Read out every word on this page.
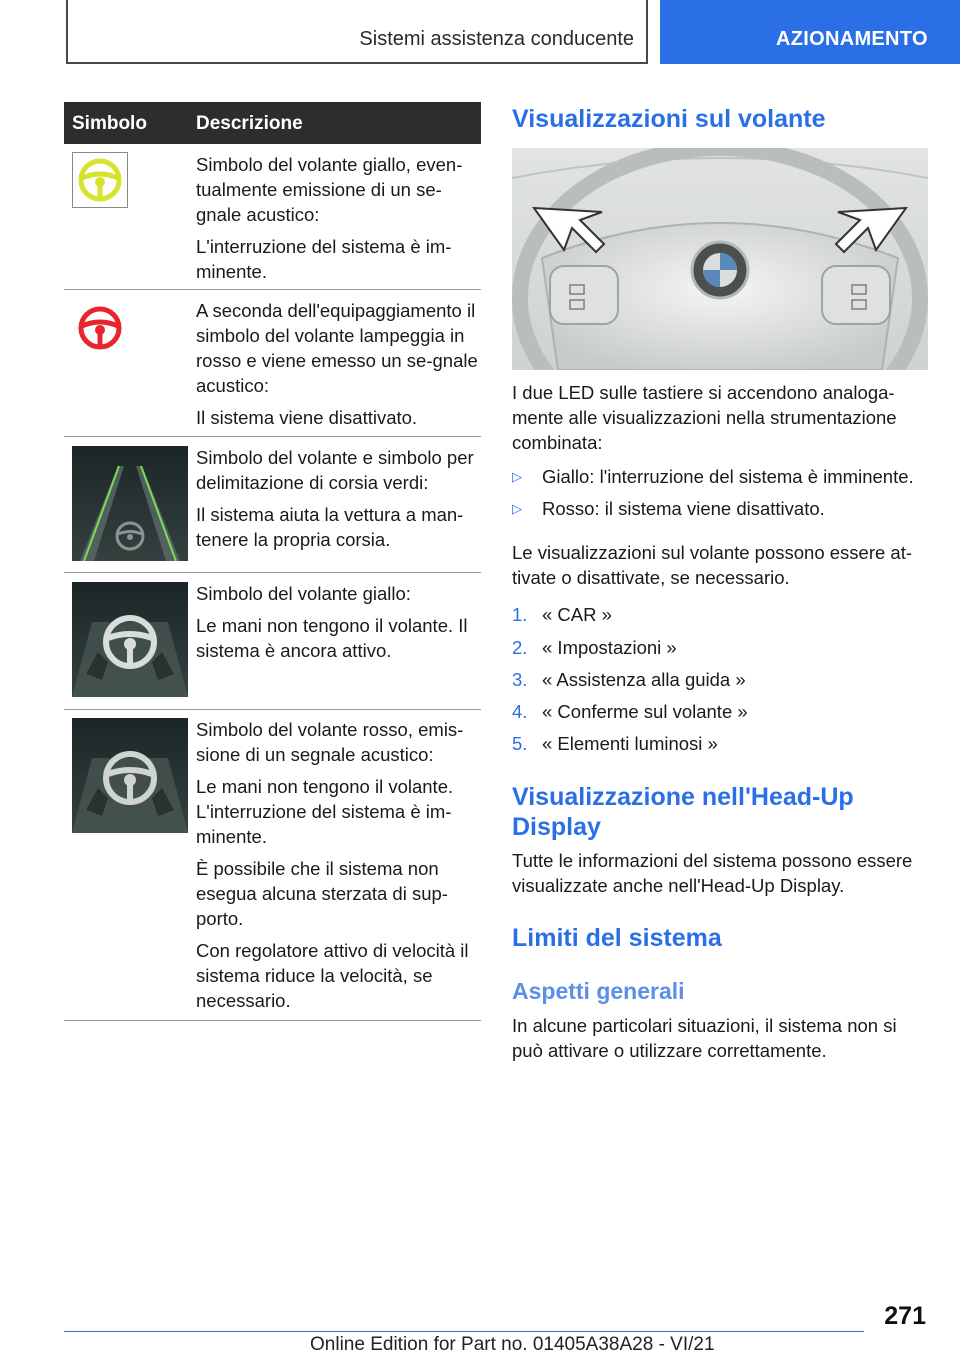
Sistemi assistenza conducente	AZIONAMENTO
Simbolo	Descrizione

Simbolo del volante giallo, even-tualmente emissione di un se-gnale acustico:

L'interruzione del sistema è im-minente.

A seconda dell'equipaggiamento il simbolo del volante lampeggia in rosso e viene emesso un se-gnale acustico:

Il sistema viene disattivato.

Simbolo del volante e simbolo per delimitazione di corsia verdi:

Il sistema aiuta la vettura a man-tenere la propria corsia.

Simbolo del volante giallo:

Le mani non tengono il volante. Il sistema è ancora attivo.

Simbolo del volante rosso, emis-sione di un segnale acustico:

Le mani non tengono il volante. L'interruzione del sistema è im-minente.

È possibile che il sistema non esegua alcuna sterzata di sup-porto.

Con regolatore attivo di velocità il sistema riduce la velocità, se necessario.

Visualizzazioni sul volante
I due LED sulle tastiere si accendono analoga-mente alle visualizzazioni nella strumentazione combinata:
▷ Giallo: l'interruzione del sistema è imminente.
▷ Rosso: il sistema viene disattivato.
Le visualizzazioni sul volante possono essere at-tivate o disattivate, se necessario.
1. « CAR »
2. « Impostazioni »
3. « Assistenza alla guida »
4. « Conferme sul volante »
5. « Elementi luminosi »
Visualizzazione nell'Head-Up
Display
Tutte le informazioni del sistema possono essere visualizzate anche nell'Head-Up Display.
Limiti del sistema
Aspetti generali
In alcune particolari situazioni, il sistema non si può attivare o utilizzare correttamente.
271
Online Edition for Part no. 01405A38A28 - VI/21
